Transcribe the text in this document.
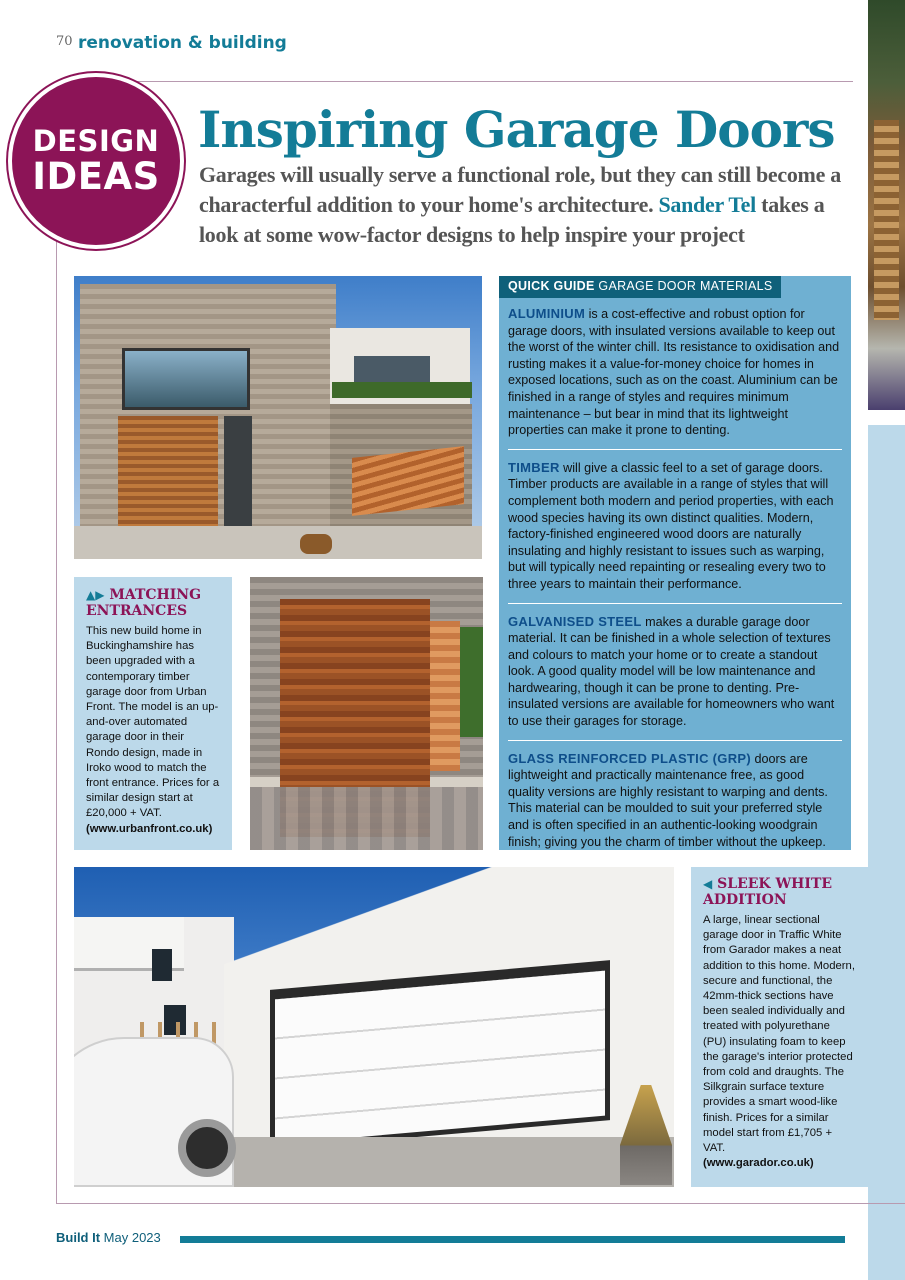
70 renovation & building
DESIGN
IDEAS
Inspiring Garage Doors

Garages will usually serve a functional role, but they can still become a characterful addition to your home's architecture. Sander Tel takes a look at some wow-factor designs to help inspire your project

▲▶ MATCHING ENTRANCES
This new build home in Buckinghamshire has been upgraded with a contemporary timber garage door from Urban Front. The model is an up-and-over automated garage door in their Rondo design, made in Iroko wood to match the front entrance. Prices for a similar design start at £20,000 + VAT.
(www.urbanfront.co.uk)
QUICK GUIDE GARAGE DOOR MATERIALS

ALUMINIUM is a cost-effective and robust option for garage doors, with insulated versions available to keep out the worst of the winter chill. Its resistance to oxidisation and rusting makes it a value-for-money choice for homes in exposed locations, such as on the coast. Aluminium can be finished in a range of styles and requires minimum maintenance – but bear in mind that its lightweight properties can make it prone to denting.

TIMBER will give a classic feel to a set of garage doors. Timber products are available in a range of styles that will complement both modern and period properties, with each wood species having its own distinct qualities. Modern, factory-finished engineered wood doors are naturally insulating and highly resistant to issues such as warping, but will typically need repainting or resealing every two to three years to maintain their performance.

GALVANISED STEEL makes a durable garage door material. It can be finished in a whole selection of textures and colours to match your home or to create a standout look. A good quality model will be low maintenance and hardwearing, though it can be prone to denting. Pre-insulated versions are available for homeowners who want to use their garages for storage.

GLASS REINFORCED PLASTIC (GRP) doors are lightweight and practically maintenance free, as good quality versions are highly resistant to warping and dents. This material can be moulded to suit your preferred style and is often specified in an authentic-looking woodgrain finish; giving you the charm of timber without the upkeep.

◀ SLEEK WHITE ADDITION
A large, linear sectional garage door in Traffic White from Garador makes a neat addition to this home. Modern, secure and functional, the 42mm-thick sections have been sealed individually and treated with polyurethane (PU) insulating foam to keep the garage's interior protected from cold and draughts. The Silkgrain surface texture provides a smart wood-like finish. Prices for a similar model start from £1,705 + VAT.
(www.garador.co.uk)
Build It May 2023
